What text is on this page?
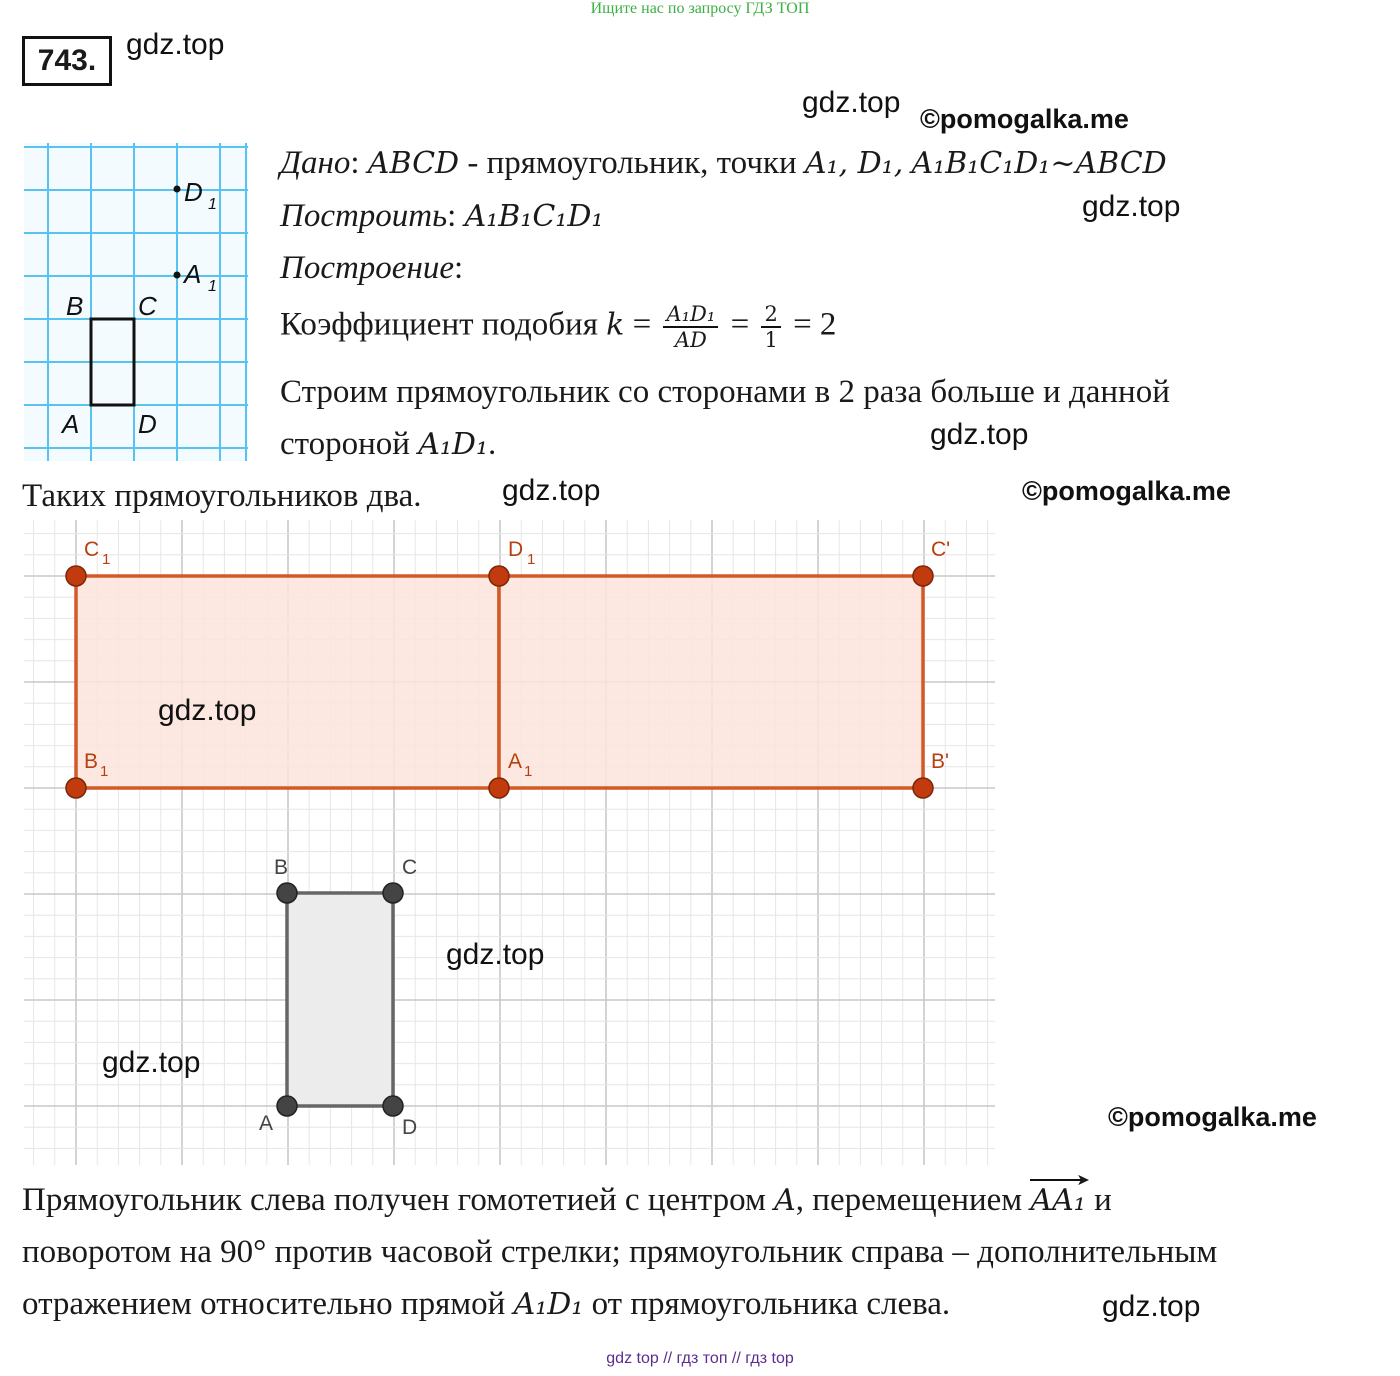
Ищите нас по запросу ГДЗ ТОП
743. gdz.top
gdz.top ©pomogalka.me
B C
A D
D 1
A 1
Дано: ABCD - прямоугольник, точки A₁, D₁, A₁B₁C₁D₁~ABCD
gdz.top
Построить: A₁B₁C₁D₁
Построение:
Коэффициент подобия $k = \frac{\text{A₁D₁}}{AD} = \frac{2}{1} = 2$
Строим прямоугольник со сторонами в 2 раза больше и данной
стороной A₁D₁.	gdz.top
Таких прямоугольников два.	gdz.top	©pomogalka.me
C 1	D 1	C'
B 1	A 1	B'
B	C
A	D
gdz.top
gdz.top
gdz.top
©pomogalka.me
Прямоугольник слева получен гомотетией с центром A, перемещением
➤
AA₁ и
поворотом на 90° против часовой стрелки; прямоугольник справа – дополнительным
отражением относительно прямой A₁D₁ от прямоугольника слева.	gdz.top
gdz top // гдз топ // гдз top
